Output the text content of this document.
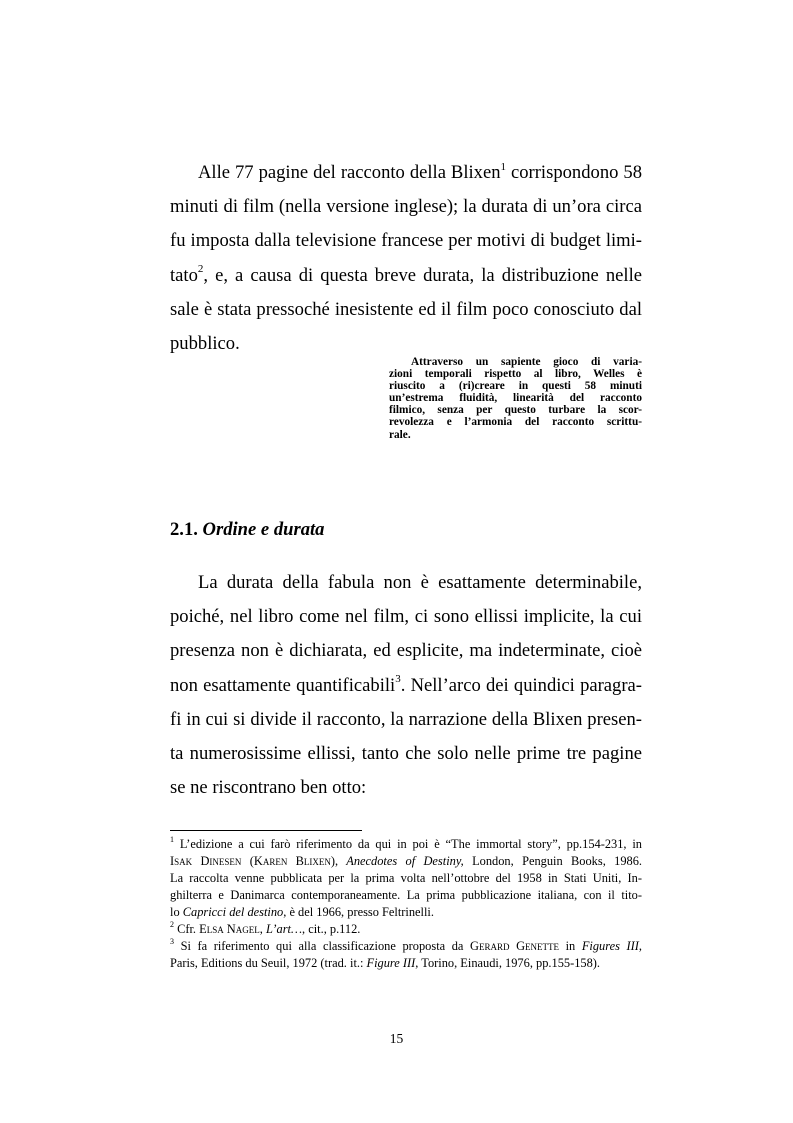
Alle 77 pagine del racconto della Blixen$^1$ corrispondono 58
minuti di film (nella versione inglese); la durata di un’ora circa
fu imposta dalla televisione francese per motivi di budget limi-
tato$^2$, e, a causa di questa breve durata, la distribuzione nelle
sale è stata pressoché inesistente ed il film poco conosciuto dal
pubblico.

Attraverso un sapiente gioco di varia-
zioni temporali rispetto al libro, Welles è
riuscito a (ri)creare in questi 58 minuti
un’estrema fluidità, linearità del racconto
filmico, senza per questo turbare la scor-
revolezza e l’armonia del racconto scrittu-
rale.
2.1. Ordine e durata

La durata della fabula non è esattamente determinabile,
poiché, nel libro come nel film, ci sono ellissi implicite, la cui
presenza non è dichiarata, ed esplicite, ma indeterminate, cioè
non esattamente quantificabili$^3$. Nell’arco dei quindici paragra-
fi in cui si divide il racconto, la narrazione della Blixen presen-
ta numerosissime ellissi, tanto che solo nelle prime tre pagine
se ne riscontrano ben otto:

$^1$ L’edizione a cui farò riferimento da qui in poi è “The immortal story”, pp.154-231, in
Isak Dinesen (Karen Blixen), Anecdotes of Destiny, London, Penguin Books, 1986.
La raccolta venne pubblicata per la prima volta nell’ottobre del 1958 in Stati Uniti, In-
ghilterra e Danimarca contemporaneamente. La prima pubblicazione italiana, con il tito-
lo Capricci del destino, è del 1966, presso Feltrinelli.
$^2$ Cfr. Elsa Nagel, L’art…, cit., p.112.
$^3$ Si fa riferimento qui alla classificazione proposta da Gerard Genette in Figures III,
Paris, Editions du Seuil, 1972 (trad. it.: Figure III, Torino, Einaudi, 1976, pp.155-158).

15
